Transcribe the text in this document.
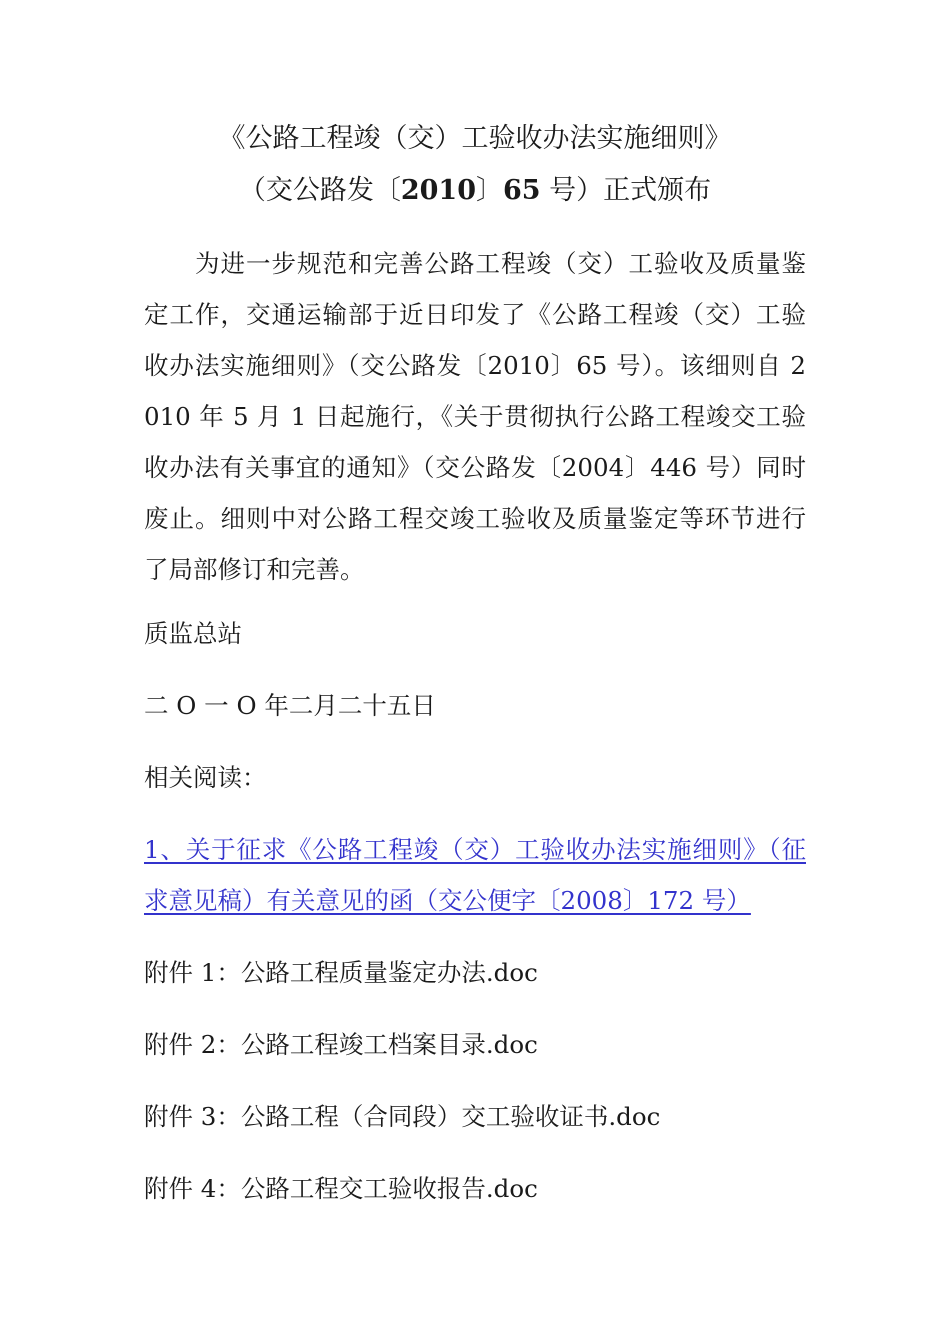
《公路工程竣（交）工验收办法实施细则》
（交公路发〔2010〕65 号）正式颁布
为进一步规范和完善公路工程竣（交）工验收及质量鉴
定工作，交通运输部于近日印发了《公路工程竣（交）工验
收办法实施细则》（交公路发〔2010〕65 号）。该细则自 2
010 年 5 月 1 日起施行，《关于贯彻执行公路工程竣交工验
收办法有关事宜的通知》（交公路发〔2004〕446 号）同时
废止。细则中对公路工程交竣工验收及质量鉴定等环节进行
了局部修订和完善。
质监总站
二 O 一 O 年二月二十五日
相关阅读：
1、关于征求《公路工程竣（交）工验收办法实施细则》（征
求意见稿）有关意见的函（交公便字〔2008〕172 号）
附件 1：公路工程质量鉴定办法.doc
附件 2：公路工程竣工档案目录.doc
附件 3：公路工程（合同段）交工验收证书.doc
附件 4：公路工程交工验收报告.doc
